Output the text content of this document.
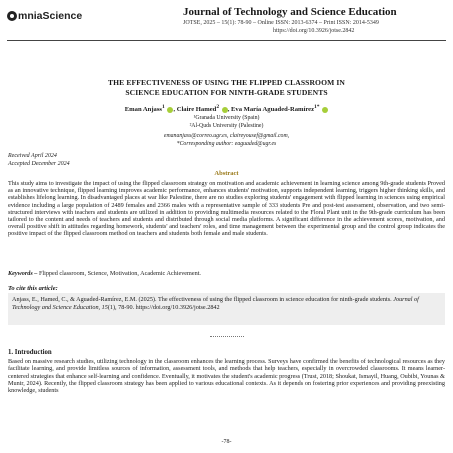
mniaScience	Journal of Technology and Science Education
JOTSE, 2025 – 15(1): 78-90 – Online ISSN: 2013-6374 – Print ISSN: 2014-5349
https://doi.org/10.3926/jotse.2842
THE EFFECTIVENESS OF USING THE FLIPPED CLASSROOM IN
SCIENCE EDUCATION FOR NINTH-GRADE STUDENTS
Eman Anjass$^1$ , Claire Hamed$^2$ , Eva María Aguaded-Ramírez$^{1*}$
¹Granada University (Spain)
²Al-Quds University (Palestine)
emananjass@correo.ugr.es, claireyousef@gmail.com,
*Corresponding author: eaguaded@ugr.es
Received April 2024
Accepted December 2024
Abstract
This study aims to investigate the impact of using the flipped classroom strategy on motivation and academic achievement in learning science among 9th-grade students Proved as an innovative technique, flipped learning improves academic performance, enhances students' motivation, supports independent learning, triggers higher thinking skills, and establishes lifelong learning. In disadvantaged places at war like Palestine, there are no studies exploring students' engagement with flipped learning in sciences using empirical evidence including a large population of 2489 females and 2366 males with a representative sample of 333 students Pre and post-test assessment, observation, and two semi-structured interviews with teachers and students are utilized in addition to providing multimedia resources related to the Floral Plant unit in the 9th-grade curriculum has been tailored to the content and needs of teachers and students and distributed through social media platforms. A significant difference in the achievement scores, motivation, and overall positive shift in attitudes regarding homework, students' and teachers' roles, and time management between the experimental group and the control group indicates the positive impact of the flipped classroom method on teachers and students both female and male students.
Keywords – Flipped classroom, Science, Motivation, Academic Achievement.
To cite this article:
Anjass, E., Hamed, C., & Aguaded-Ramírez, E.M. (2025). The effectiveness of using the flipped classroom in science education for ninth-grade students. Journal of Technology and Science Education, 15(1), 78-90. https://doi.org/10.3926/jotse.2842
1. Introduction
Based on massive research studies, utilizing technology in the classroom enhances the learning process. Surveys have confirmed the benefits of technological resources as they facilitate learning, and provide limitless sources of information, assessment tools, and methods that help teachers, especially in overcrowded classrooms. It means learner-centered strategies that enhance self-learning and confidence. Eventually, it motivates the student's academic progress (Trust, 2018; Shoukat, Ismayil, Huang, Oubibi, Younas & Munir, 2024). Recently, the flipped classroom strategy has been applied to various educational contexts. As it depends on fostering prior experiences and providing preexisting knowledge, students
-78-
